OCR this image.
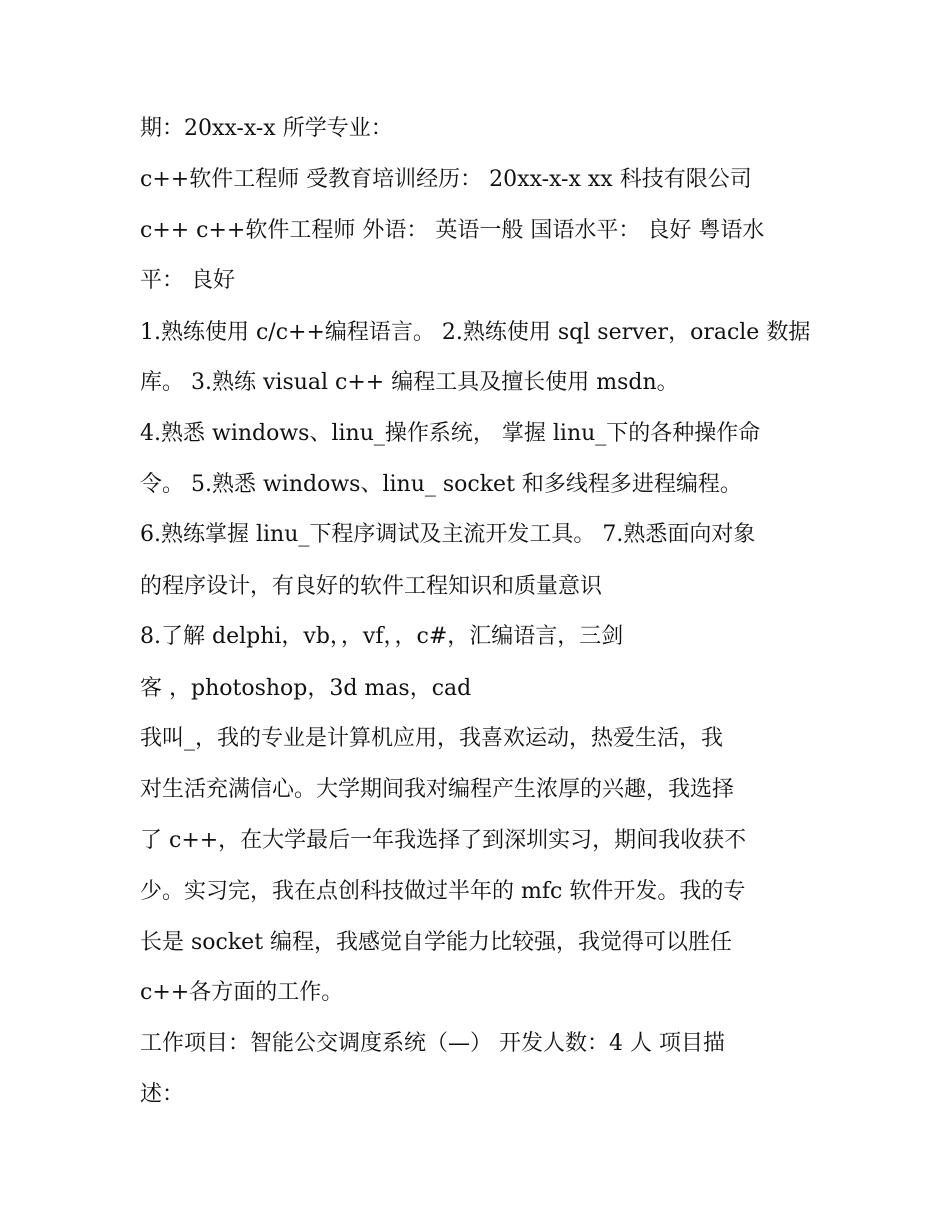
期：20xx-x-x 所学专业：
c++软件工程师 受教育培训经历： 20xx-x-x xx 科技有限公司
c++ c++软件工程师 外语： 英语一般 国语水平： 良好 粤语水
平： 良好
1.熟练使用 c/c++编程语言。 2.熟练使用 sql server，oracle 数据
库。 3.熟练 visual c++ 编程工具及擅长使用 msdn。
4.熟悉 windows、linu_操作系统， 掌握 linu_下的各种操作命
令。 5.熟悉 windows、linu_ socket 和多线程多进程编程。
6.熟练掌握 linu_下程序调试及主流开发工具。 7.熟悉面向对象
的程序设计，有良好的软件工程知识和质量意识
8.了解 delphi，vb，，vf，，c#，汇编语言，三剑
客 ，photoshop，3d mas，cad
我叫_，我的专业是计算机应用，我喜欢运动，热爱生活，我
对生活充满信心。大学期间我对编程产生浓厚的兴趣，我选择
了 c++，在大学最后一年我选择了到深圳实习，期间我收获不
少。实习完，我在点创科技做过半年的 mfc 软件开发。我的专
长是 socket 编程，我感觉自学能力比较强，我觉得可以胜任
c++各方面的工作。
工作项目：智能公交调度系统（—） 开发人数：4 人 项目描
述：
